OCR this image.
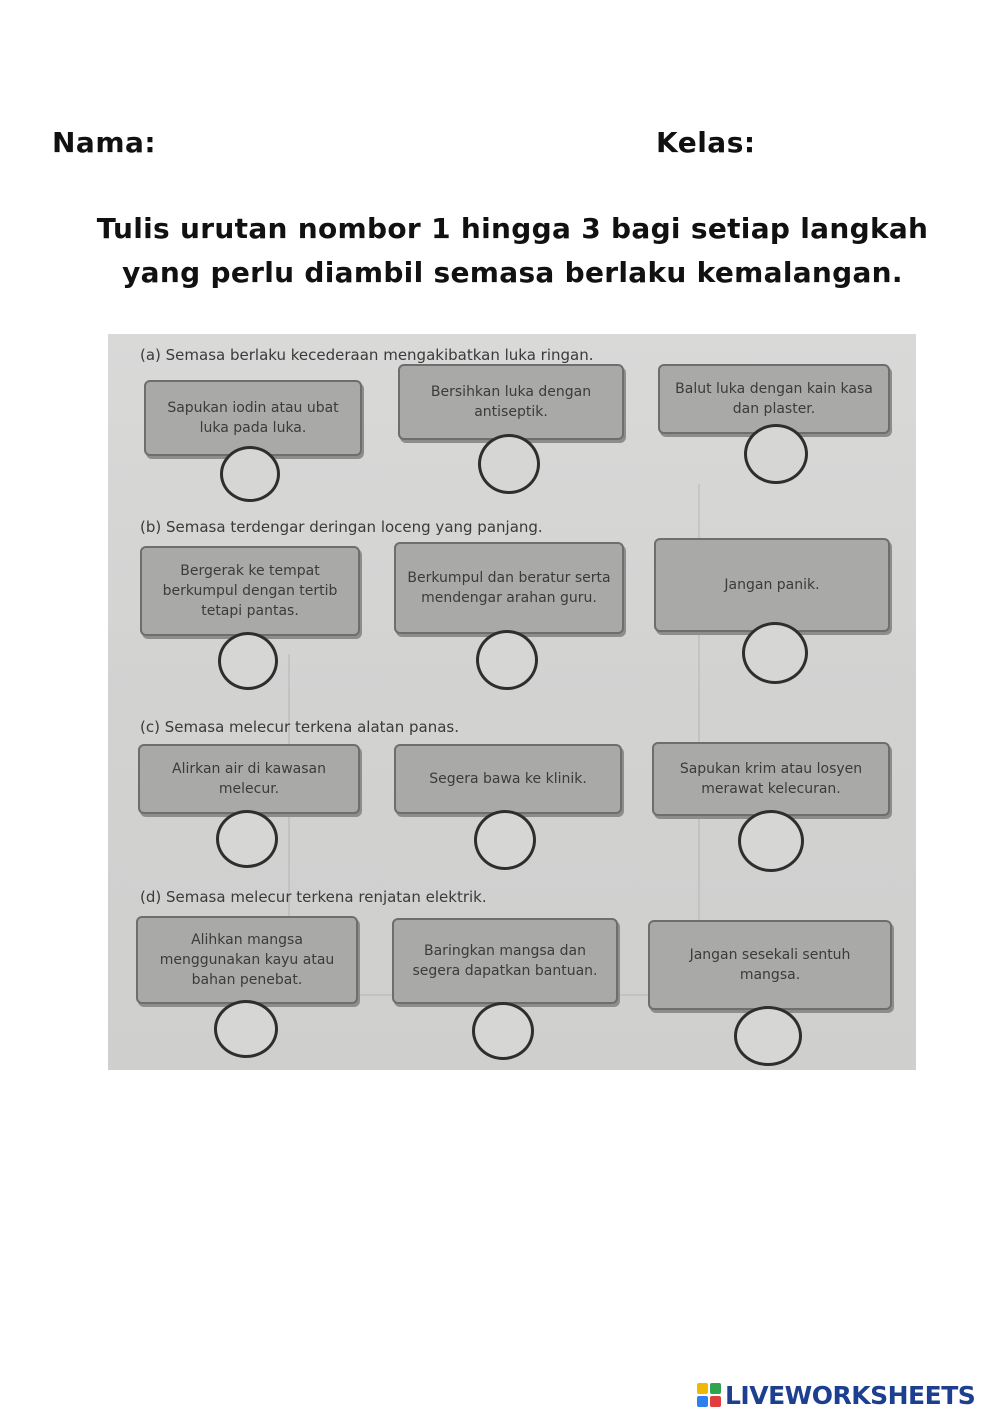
Nama:	Kelas:
Tulis urutan nombor 1 hingga 3 bagi setiap langkah
yang perlu diambil semasa berlaku kemalangan.
(a) Semasa berlaku kecederaan mengakibatkan luka ringan.
Sapukan iodin atau ubat luka pada luka.
Bersihkan luka dengan antiseptik.
Balut luka dengan kain kasa dan plaster.
(b) Semasa terdengar deringan loceng yang panjang.
Bergerak ke tempat berkumpul dengan tertib tetapi pantas.
Berkumpul dan beratur serta mendengar arahan guru.
Jangan panik.
(c) Semasa melecur terkena alatan panas.
Alirkan air di kawasan melecur.
Segera bawa ke klinik.
Sapukan krim atau losyen merawat kelecuran.
(d) Semasa melecur terkena renjatan elektrik.
Alihkan mangsa menggunakan kayu atau bahan penebat.
Baringkan mangsa dan segera dapatkan bantuan.
Jangan sesekali sentuh mangsa.
LIVEWORKSHEETS
